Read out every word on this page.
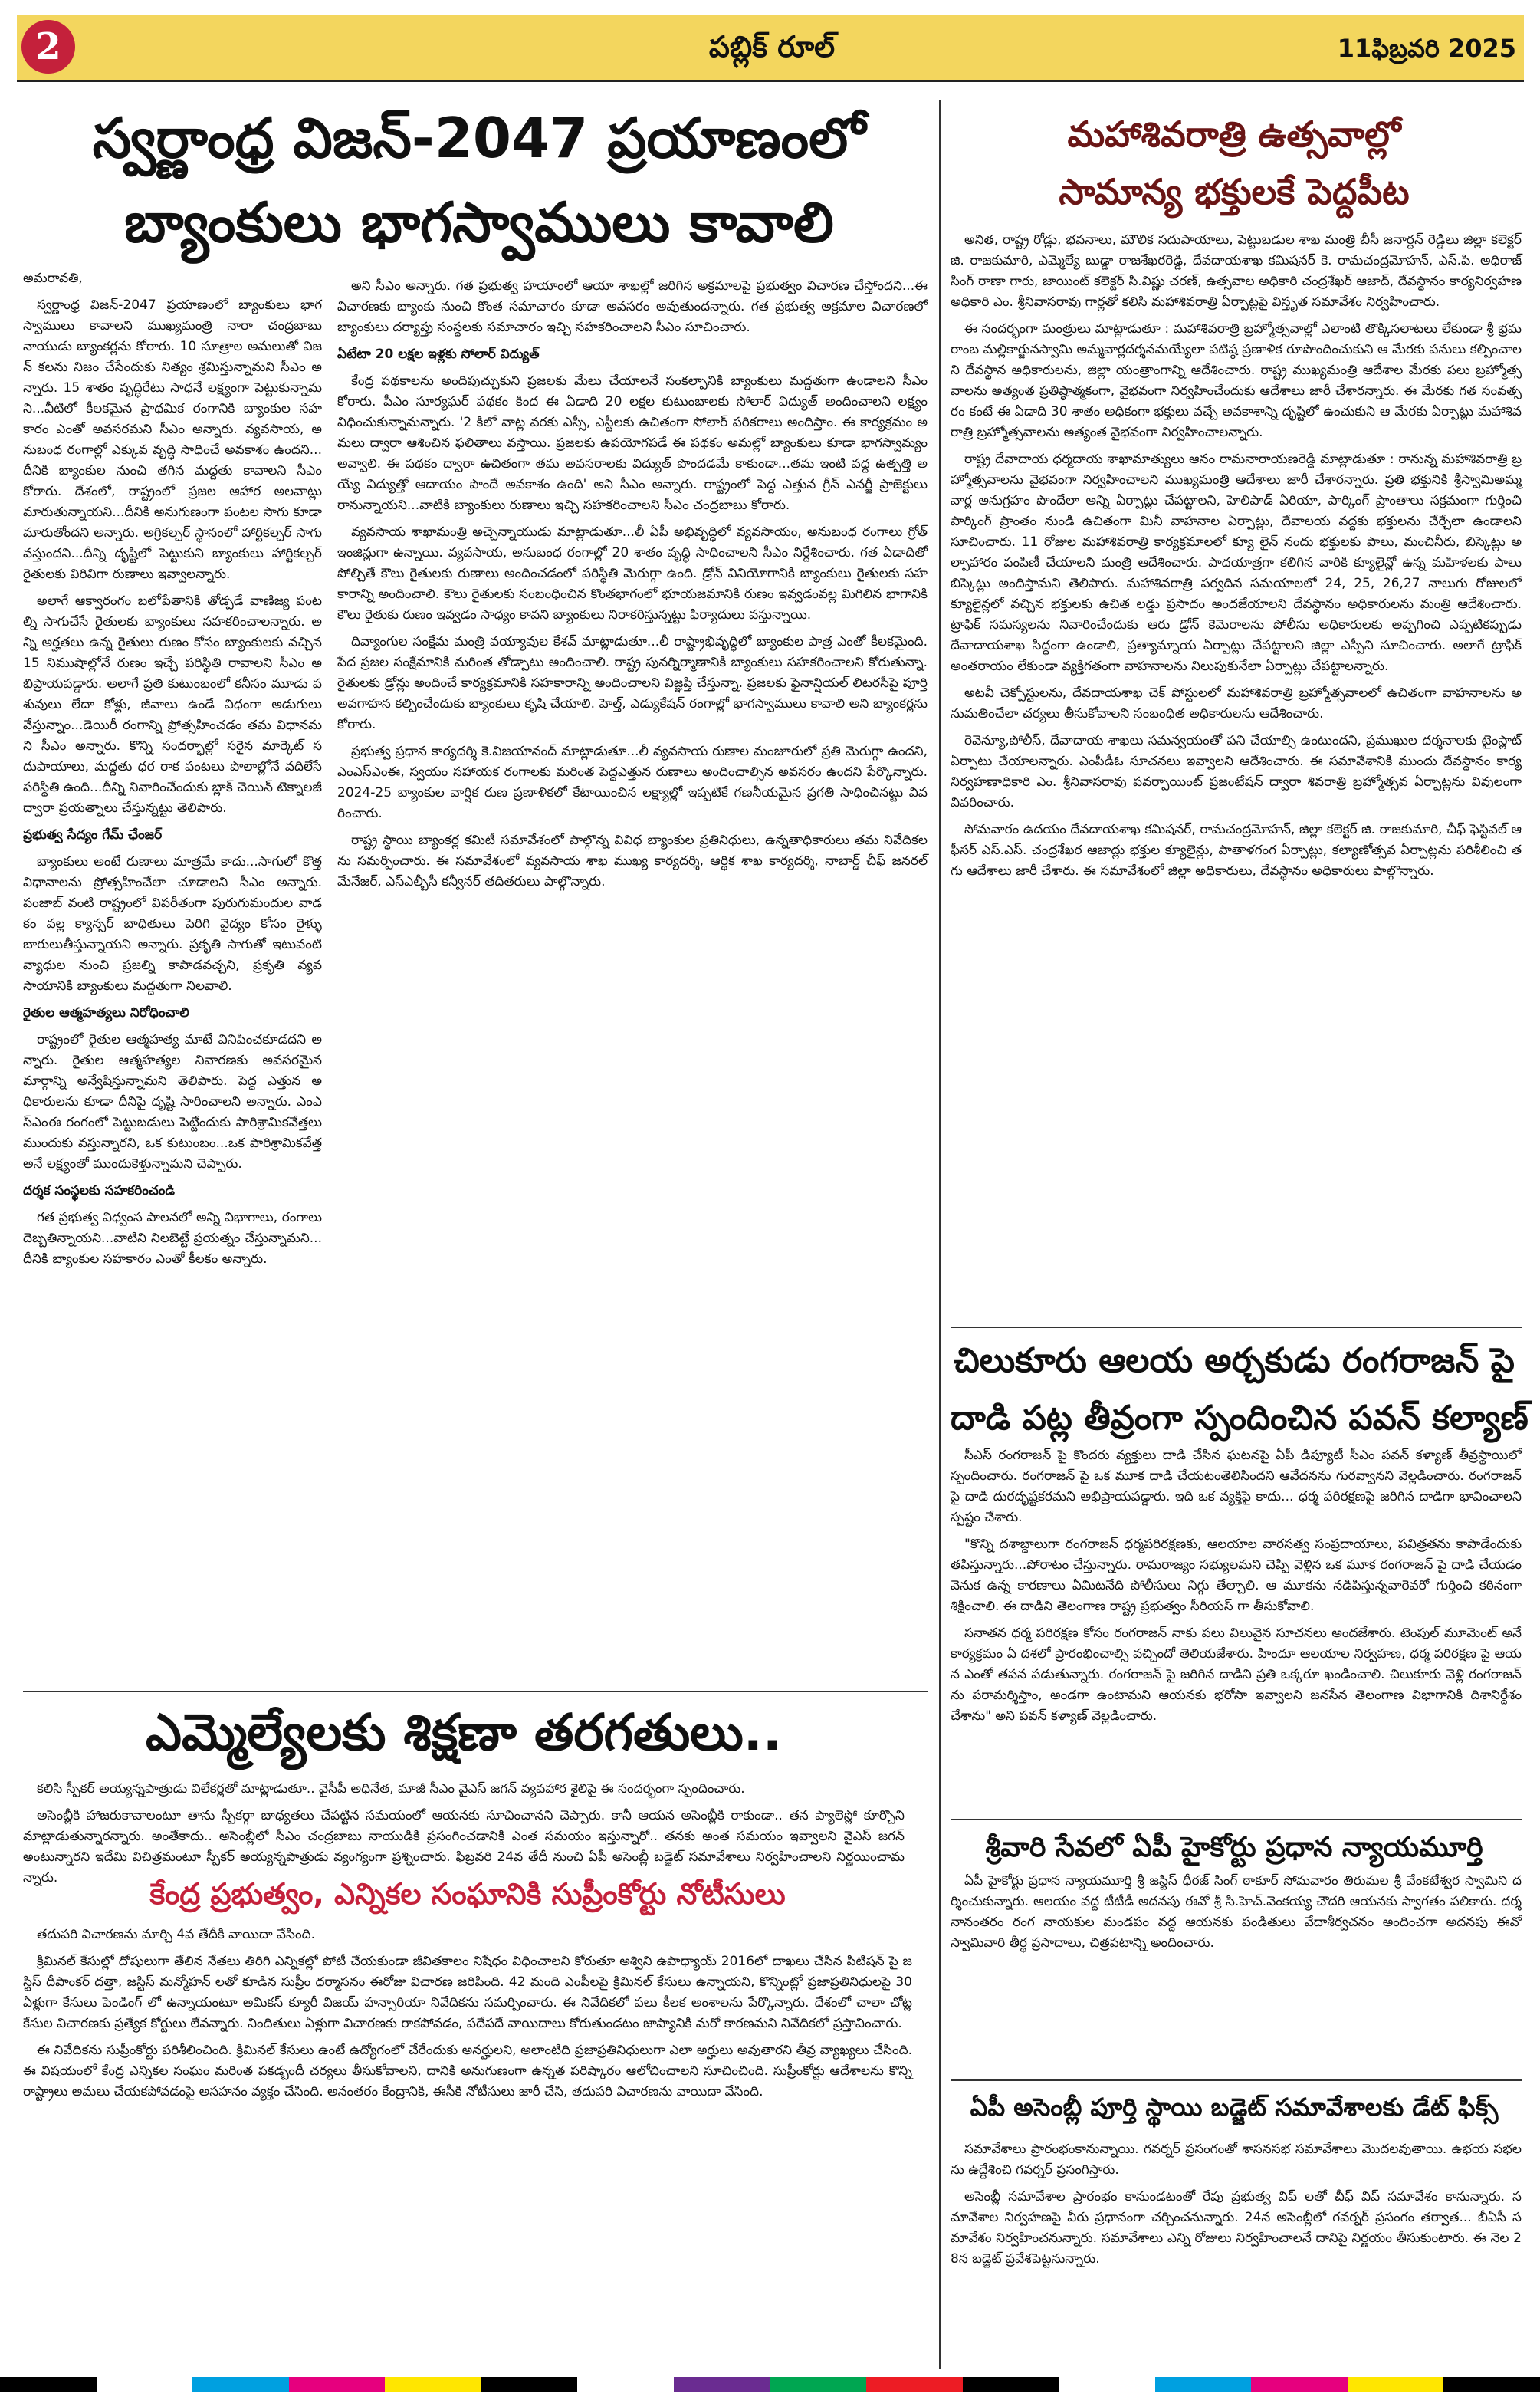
2	పబ్లిక్ రూల్	11ఫిబ్రవరి 2025
స్వర్ణాంధ్ర విజన్-2047 ప్రయాణంలో
బ్యాంకులు భాగస్వాములు కావాలి

అమరావతి,

స్వర్ణాంధ్ర విజన్-2047 ప్రయాణంలో బ్యాంకులు భాగస్వాములు కావాలని ముఖ్యమంత్రి నారా చంద్రబాబు నాయుడు బ్యాంకర్లను కోరారు. 10 సూత్రాల అమలుతో విజన్ కలను నిజం చేసేందుకు నిత్యం శ్రమిస్తున్నామని సీఎం అన్నారు. 15 శాతం వృద్ధిరేటు సాధనే లక్ష్యంగా పెట్టుకున్నామని...వీటిలో కీలకమైన ప్రాథమిక రంగానికి బ్యాంకుల సహకారం ఎంతో అవసరమని సీఎం అన్నారు. వ్యవసాయ, అనుబంధ రంగాల్లో ఎక్కువ వృద్ధి సాధించే అవకాశం ఉందని...దీనికి బ్యాంకుల నుంచి తగిన మద్దతు కావాలని సీఎం కోరారు. దేశంలో, రాష్ట్రంలో ప్రజల ఆహార అలవాట్లు మారుతున్నాయని...దీనికి అనుగుణంగా పంటల సాగు కూడా మారుతోందని అన్నారు. అగ్రికల్చర్ స్థానంలో హార్టికల్చర్ సాగు వస్తుందని...దీన్ని దృష్టిలో పెట్టుకుని బ్యాంకులు హార్టికల్చర్ రైతులకు విరివిగా రుణాలు ఇవ్వాలన్నారు.

అలాగే ఆక్వారంగం బలోపేతానికి తోడ్పడే వాణిజ్య పంటల్ని సాగుచేసే రైతులకు బ్యాంకులు సహకరించాలన్నారు. అన్ని అర్హతలు ఉన్న రైతులు రుణం కోసం బ్యాంకులకు వచ్చిన 15 నిముషాల్లోనే రుణం ఇచ్చే పరిస్థితి రావాలని సీఎం అభిప్రాయపడ్డారు. అలాగే ప్రతి కుటుంబంలో కనీసం మూడు పశువులు లేదా కోళ్లు, జీవాలు ఉండే విధంగా అడుగులు వేస్తున్నాం...డెయిరీ రంగాన్ని ప్రోత్సహించడం తమ విధానమని సీఎం అన్నారు. కొన్ని సందర్భాల్లో సరైన మార్కెట్ సదుపాయాలు, మద్దతు ధర రాక పంటలు పొలాల్లోనే వదిలేసే పరిస్థితి ఉంది...దీన్ని నివారించేందుకు బ్లాక్ చెయిన్ టెక్నాలజీ ద్వారా ప్రయత్నాలు చేస్తున్నట్టు తెలిపారు.

ప్రభుత్వ సేద్యం గేమ్ ఛేంజర్

బ్యాంకులు అంటే రుణాలు మాత్రమే కాదు...సాగులో కొత్త విధానాలను ప్రోత్సహించేలా చూడాలని సీఎం అన్నారు. పంజాబ్ వంటి రాష్ట్రంలో విపరీతంగా పురుగుమందుల వాడకం వల్ల క్యాన్సర్ బాధితులు పెరిగి వైద్యం కోసం రైళ్ళు బారులుతీస్తున్నాయని అన్నారు. ప్రకృతి సాగుతో ఇటువంటి వ్యాధుల నుంచి ప్రజల్ని కాపాడవచ్చని, ప్రకృతి వ్యవసాయానికి బ్యాంకులు మద్దతుగా నిలవాలి.

రైతుల ఆత్మహత్యలు నిరోధించాలి

రాష్ట్రంలో రైతుల ఆత్మహత్య మాటే వినిపించకూడదని అన్నారు. రైతుల ఆత్మహత్యల నివారణకు అవసరమైన మార్గాన్ని అన్వేషిస్తున్నామని తెలిపారు. పెద్ద ఎత్తున అధికారులను కూడా దీనిపై దృష్టి సారించాలని అన్నారు. ఎంఎస్ఎంఈ రంగంలో పెట్టుబడులు పెట్టేందుకు పారిశ్రామికవేత్తలు ముందుకు వస్తున్నారని, ఒక కుటుంబం...ఒక పారిశ్రామికవేత్త అనే లక్ష్యంతో ముందుకెళ్తున్నామని చెప్పారు.

దర్శక సంస్థలకు సహకరించండి

గత ప్రభుత్వ విధ్వంస పాలనలో అన్ని విభాగాలు, రంగాలు దెబ్బతిన్నాయని...వాటిని నిలబెట్టే ప్రయత్నం చేస్తున్నామని...దీనికి బ్యాంకుల సహకారం ఎంతో కీలకం అన్నారు.

అని సీఎం అన్నారు. గత ప్రభుత్వ హయాంలో ఆయా శాఖల్లో జరిగిన అక్రమాలపై ప్రభుత్వం విచారణ చేస్తోందని...ఈ విచారణకు బ్యాంకు నుంచి కొంత సమాచారం కూడా అవసరం అవుతుందన్నారు. గత ప్రభుత్వ అక్రమాల విచారణలో బ్యాంకులు దర్యాప్తు సంస్థలకు సమాచారం ఇచ్చి సహకరించాలని సీఎం సూచించారు.

ఏటేటా 20 లక్షల ఇళ్లకు సోలార్ విద్యుత్

కేంద్ర పథకాలను అందిపుచ్చుకుని ప్రజలకు మేలు చేయాలనే సంకల్పానికి బ్యాంకులు మద్దతుగా ఉండాలని సీఎం కోరారు. పీఎం సూర్యఘర్ పథకం కింద ఈ ఏడాది 20 లక్షల కుటుంబాలకు సోలార్ విద్యుత్ అందించాలని లక్ష్యం విధించుకున్నామన్నారు. '2 కిలో వాట్ల వరకు ఎస్సీ, ఎస్టీలకు ఉచితంగా సోలార్ పరికరాలు అందిస్తాం. ఈ కార్యక్రమం అమలు ద్వారా ఆశించిన ఫలితాలు వస్తాయి. ప్రజలకు ఉపయోగపడే ఈ పథకం అమల్లో బ్యాంకులు కూడా భాగస్వామ్యం అవ్వాలి. ఈ పథకం ద్వారా ఉచితంగా తమ అవసరాలకు విద్యుత్ పొందడమే కాకుండా...తమ ఇంటి వద్ద ఉత్పత్తి అయ్యే విద్యుత్తో ఆదాయం పొందే అవకాశం ఉంది' అని సీఎం అన్నారు. రాష్ట్రంలో పెద్ద ఎత్తున గ్రీన్ ఎనర్జీ ప్రాజెక్టులు రానున్నాయని...వాటికి బ్యాంకులు రుణాలు ఇచ్చి సహకరించాలని సీఎం చంద్రబాబు కోరారు.

వ్యవసాయ శాఖామంత్రి అచ్చెన్నాయుడు మాట్లాడుతూ...లీ ఏపీ అభివృద్ధిలో వ్యవసాయం, అనుబంధ రంగాలు గ్రోత్ ఇంజిన్లుగా ఉన్నాయి. వ్యవసాయ, అనుబంధ రంగాల్లో 20 శాతం వృద్ధి సాధించాలని సీఎం నిర్దేశించారు. గత ఏడాదితో పోల్చితే కౌలు రైతులకు రుణాలు అందించడంలో పరిస్థితి మెరుగ్గా ఉంది. డ్రోన్ వినియోగానికి బ్యాంకులు రైతులకు సహకారాన్ని అందించాలి. కౌలు రైతులకు సంబంధించిన కొంతభాగంలో భూయజమానికి రుణం ఇవ్వడంవల్ల మిగిలిన భాగానికి కౌలు రైతుకు రుణం ఇవ్వడం సాధ్యం కావని బ్యాంకులు నిరాకరిస్తున్నట్టు ఫిర్యాదులు వస్తున్నాయి.

దివ్యాంగుల సంక్షేమ మంత్రి వయ్యావుల కేశవ్ మాట్లాడుతూ...లీ రాష్ట్రాభివృద్ధిలో బ్యాంకుల పాత్ర ఎంతో కీలకమైంది. పేద ప్రజల సంక్షేమానికి మరింత తోడ్పాటు అందించాలి. రాష్ట్ర పునర్నిర్మాణానికి బ్యాంకులు సహకరించాలని కోరుతున్నా. రైతులకు డ్రోన్లు అందించే కార్యక్రమానికి సహకారాన్ని అందించాలని విజ్ఞప్తి చేస్తున్నా. ప్రజలకు ఫైనాన్షియల్ లిటరసీపై పూర్తి అవగాహన కల్పించేందుకు బ్యాంకులు కృషి చేయాలి. హెల్త్, ఎడ్యుకేషన్ రంగాల్లో భాగస్వాములు కావాలి అని బ్యాంకర్లను కోరారు.

ప్రభుత్వ ప్రధాన కార్యదర్శి కె.విజయానంద్ మాట్లాడుతూ...లీ వ్యవసాయ రుణాల మంజూరులో ప్రతి మెరుగ్గా ఉందని, ఎంఎస్ఎంఈ, స్వయం సహాయక రంగాలకు మరింత పెద్దఎత్తున రుణాలు అందించాల్సిన అవసరం ఉందని పేర్కొన్నారు. 2024-25 బ్యాంకుల వార్షిక రుణ ప్రణాళికలో కేటాయించిన లక్ష్యాల్లో ఇప్పటికే గణనీయమైన ప్రగతి సాధించినట్టు వివరించారు.

రాష్ట్ర స్థాయి బ్యాంకర్ల కమిటీ సమావేశంలో పాల్గొన్న వివిధ బ్యాంకుల ప్రతినిధులు, ఉన్నతాధికారులు తమ నివేదికలను సమర్పించారు. ఈ సమావేశంలో వ్యవసాయ శాఖ ముఖ్య కార్యదర్శి, ఆర్థిక శాఖ కార్యదర్శి, నాబార్డ్ చీఫ్ జనరల్ మేనేజర్, ఎస్ఎల్బీసీ కన్వీనర్ తదితరులు పాల్గొన్నారు.

మహాశివరాత్రి ఉత్సవాల్లో
సామాన్య భక్తులకే పెద్దపీట

అనిత, రాష్ట్ర రోడ్లు, భవనాలు, మౌలిక సదుపాయాలు, పెట్టుబడుల శాఖ మంత్రి బీసీ జనార్దన్ రెడ్డిలు జిల్లా కలెక్టర్ జి. రాజకుమారి, ఎమ్మెల్యే బుడ్డా రాజశేఖరరెడ్డి, దేవదాయశాఖ కమిషనర్ కె. రామచంద్రమోహన్, ఎస్.పి. అధిరాజ్ సింగ్ రాణా గారు, జాయింట్ కలెక్టర్ సి.విష్ణు చరణ్, ఉత్సవాల అధికారి చంద్రశేఖర్ ఆజాద్, దేవస్థానం కార్యనిర్వహణ అధికారి ఎం. శ్రీనివాసరావు గార్లతో కలిసి మహాశివరాత్రి ఏర్పాట్లపై విస్తృత సమావేశం నిర్వహించారు.

ఈ సందర్భంగా మంత్రులు మాట్లాడుతూ : మహాశివరాత్రి బ్రహ్మోత్సవాల్లో ఎలాంటి తొక్కిసలాటలు లేకుండా శ్రీ భ్రమరాంబ మల్లికార్జునస్వామి అమ్మవార్లదర్శనమయ్యేలా పటిష్ఠ ప్రణాళిక రూపొందించుకుని ఆ మేరకు పనులు కల్పించాలని దేవస్థాన అధికారులను, జిల్లా యంత్రాంగాన్ని ఆదేశించారు. రాష్ట్ర ముఖ్యమంత్రి ఆదేశాల మేరకు పలు బ్రహ్మోత్సవాలను అత్యంత ప్రతిష్ఠాత్మకంగా, వైభవంగా నిర్వహించేందుకు ఆదేశాలు జారీ చేశారన్నారు. ఈ మేరకు గత సంవత్సరం కంటే ఈ ఏడాది 30 శాతం అధికంగా భక్తులు వచ్చే అవకాశాన్ని దృష్టిలో ఉంచుకుని ఆ మేరకు ఏర్పాట్లు మహాశివరాత్రి బ్రహ్మోత్సవాలను అత్యంత వైభవంగా నిర్వహించాలన్నారు.

రాష్ట్ర దేవాదాయ ధర్మదాయ శాఖామాత్యులు ఆనం రామనారాయణరెడ్డి మాట్లాడుతూ : రానున్న మహాశివరాత్రి బ్రహ్మోత్సవాలను వైభవంగా నిర్వహించాలని ముఖ్యమంత్రి ఆదేశాలు జారీ చేశారన్నారు. ప్రతి భక్తునికి శ్రీస్వామిఅమ్మవార్ల అనుగ్రహం పొందేలా అన్ని ఏర్పాట్లు చేపట్టాలని, హెలిపాడ్ ఏరియా, పార్కింగ్ ప్రాంతాలు సక్రమంగా గుర్తించి పార్కింగ్ ప్రాంతం నుండి ఉచితంగా మినీ వాహనాల ఏర్పాట్లు, దేవాలయ వద్దకు భక్తులను చేర్చేలా ఉండాలని సూచించారు. 11 రోజుల మహాశివరాత్రి కార్యక్రమాలలో క్యూ లైన్ నందు భక్తులకు పాలు, మంచినీరు, బిస్కెట్లు అల్పాహారం పంపిణీ చేయాలని మంత్రి ఆదేశించారు. పాదయాత్రగా కలిగిన వారికి క్యూలైన్లో ఉన్న మహిళలకు పాలు బిస్కెట్లు అందిస్తామని తెలిపారు. మహాశివరాత్రి పర్వదిన సమయాలలో 24, 25, 26,27 నాలుగు రోజులలో క్యూలైన్లలో వచ్చిన భక్తులకు ఉచిత లడ్డు ప్రసాదం అందజేయాలని దేవస్థానం అధికారులను మంత్రి ఆదేశించారు. ట్రాఫిక్ సమస్యలను నివారించేందుకు ఆరు డ్రోన్ కెమెరాలను పోలీసు అధికారులకు అప్పగించి ఎప్పటికప్పుడు దేవాదాయశాఖ సిద్ధంగా ఉండాలి, ప్రత్యామ్నాయ ఏర్పాట్లు చేపట్టాలని జిల్లా ఎస్పీని సూచించారు. అలాగే ట్రాఫిక్ అంతరాయం లేకుండా వ్యక్తిగతంగా వాహనాలను నిలుపుకునేలా ఏర్పాట్లు చేపట్టాలన్నారు.

అటవీ చెక్పోస్టులను, దేవదాయశాఖ చెక్ పోస్టులలో మహాశివరాత్రి బ్రహ్మోత్సవాలలో ఉచితంగా వాహనాలను అనుమతించేలా చర్యలు తీసుకోవాలని సంబంధిత అధికారులను ఆదేశించారు.

రెవెన్యూ,పోలీస్, దేవాదాయ శాఖలు సమన్వయంతో పని చేయాల్సి ఉంటుందని, ప్రముఖుల దర్శనాలకు టైంస్లాట్ ఏర్పాటు చేయాలన్నారు. ఎంపీడీఓ సూచనలు ఇవ్వాలని ఆదేశించారు. ఈ సమావేశానికి ముందు దేవస్థానం కార్యనిర్వహణాధికారి ఎం. శ్రీనివాసరావు పవర్పాయింట్ ప్రజంటేషన్ ద్వారా శివరాత్రి బ్రహ్మోత్సవ ఏర్పాట్లను వివులంగా వివరించారు.

సోమవారం ఉదయం దేవదాయశాఖ కమిషనర్, రామచంద్రమోహన్, జిల్లా కలెక్టర్ జి. రాజకుమారి, చీఫ్ ఫెస్టివల్ ఆఫీసర్ ఎస్.ఎస్. చంద్రశేఖర ఆజాద్లు భక్తుల క్యూలైన్లు, పాతాళగంగ ఏర్పాట్లు, కల్యాణోత్సవ ఏర్పాట్లను పరిశీలించి తగు ఆదేశాలు జారీ చేశారు. ఈ సమావేశంలో జిల్లా అధికారులు, దేవస్థానం అధికారులు పాల్గొన్నారు.

చిలుకూరు ఆలయ అర్చకుడు రంగరాజన్ పై
దాడి పట్ల తీవ్రంగా స్పందించిన పవన్ కల్యాణ్

సీఎస్ రంగరాజన్ పై కొందరు వ్యక్తులు దాడి చేసిన ఘటనపై ఏపీ డిప్యూటీ సీఎం పవన్ కళ్యాణ్ తీవ్రస్థాయిలో స్పందించారు. రంగరాజన్ పై ఒక మూక దాడి చేయటంతెలిసిందని ఆవేదనను గురవ్వానని వెల్లడించారు. రంగరాజన్ పై దాడి దురదృష్టకరమని అభిప్రాయపడ్డారు. ఇది ఒక వ్యక్తిపై కాదు... ధర్మ పరిరక్షణపై జరిగిన దాడిగా భావించాలని స్పష్టం చేశారు.

"కొన్ని దశాబ్దాలుగా రంగరాజన్ ధర్మపరిరక్షణకు, ఆలయాల వారసత్వ సంప్రదాయాలు, పవిత్రతను కాపాడేందుకు తపిస్తున్నారు...పోరాటం చేస్తున్నారు. రామరాజ్యం సభ్యులమని చెప్పి వెళ్లిన ఒక మూక రంగరాజన్ పై దాడి చేయడం వెనుక ఉన్న కారణాలు ఏమిటనేది పోలీసులు నిగ్గు తేల్చాలి. ఆ మూకను నడిపిస్తున్నవారెవరో గుర్తించి కఠినంగా శిక్షించాలి. ఈ దాడిని తెలంగాణ రాష్ట్ర ప్రభుత్వం సీరియస్ గా తీసుకోవాలి.

సనాతన ధర్మ పరిరక్షణ కోసం రంగరాజన్ నాకు పలు విలువైన సూచనలు అందజేశారు. టెంపుల్ మూమెంట్ అనే కార్యక్రమం ఏ దశలో ప్రారంభించాల్సి వచ్చిందో తెలియజేశారు. హిందూ ఆలయాల నిర్వహణ, ధర్మ పరిరక్షణ పై ఆయన ఎంతో తపన పడుతున్నారు. రంగరాజన్ పై జరిగిన దాడిని ప్రతి ఒక్కరూ ఖండించాలి. చిలుకూరు వెళ్లి రంగరాజన్ ను పరామర్శిస్తాం, అండగా ఉంటామని ఆయనకు భరోసా ఇవ్వాలని జనసేన తెలంగాణ విభాగానికి దిశానిర్దేశం చేశాను" అని పవన్ కళ్యాణ్ వెల్లడించారు.

శ్రీవారి సేవలో ఏపీ హైకోర్టు ప్రధాన న్యాయమూర్తి

ఏపీ హైకోర్టు ప్రధాన న్యాయమూర్తి శ్రీ జస్టిస్ ధీరజ్ సింగ్ ఠాకూర్ సోమవారం తిరుమల శ్రీ వేంకటేశ్వర స్వామిని దర్శించుకున్నారు. ఆలయం వద్ద టీటీడీ అదనపు ఈవో శ్రీ సి.హెచ్.వెంకయ్య చౌదరి ఆయనకు స్వాగతం పలికారు. దర్శనానంతరం రంగ నాయకుల మండపం వద్ద ఆయనకు పండితులు వేదాశీర్వచనం అందించగా అదనపు ఈవో స్వామివారి తీర్థ ప్రసాదాలు, చిత్రపటాన్ని అందించారు.

ఏపీ అసెంబ్లీ పూర్తి స్థాయి బడ్జెట్ సమావేశాలకు డేట్ ఫిక్స్

సమావేశాలు ప్రారంభంకానున్నాయి. గవర్నర్ ప్రసంగంతో శాసనసభ సమావేశాలు మొదలవుతాయి. ఉభయ సభలను ఉద్దేశించి గవర్నర్ ప్రసంగిస్తారు.

అసెంబ్లీ సమావేశాల ప్రారంభం కానుండటంతో రేపు ప్రభుత్వ విప్ లతో చీఫ్ విప్ సమావేశం కానున్నారు. సమావేశాల నిర్వహణపై వీరు ప్రధానంగా చర్చించనున్నారు. 24న అసెంబ్లీలో గవర్నర్ ప్రసంగం తర్వాత... బీఏసీ సమావేశం నిర్వహించనున్నారు. సమావేశాలు ఎన్ని రోజులు నిర్వహించాలనే దానిపై నిర్ణయం తీసుకుంటారు. ఈ నెల 28న బడ్జెట్ ప్రవేశపెట్టనున్నారు.

ఎమ్మెల్యేలకు శిక్షణా తరగతులు..

కలిసి స్పీకర్ అయ్యన్నపాత్రుడు విలేకర్లతో మాట్లాడుతూ.. వైసీపీ అధినేత, మాజీ సీఎం వైఎస్ జగన్ వ్యవహార శైలిపై ఈ సందర్భంగా స్పందించారు.

అసెంబ్లీకి హాజరుకావాలంటూ తాను స్పీకర్గా బాధ్యతలు చేపట్టిన సమయంలో ఆయనకు సూచించానని చెప్పారు. కానీ ఆయన అసెంబ్లీకి రాకుండా.. తన ప్యాలెస్లో కూర్చొని మాట్లాడుతున్నారన్నారు. అంతేకాదు.. అసెంబ్లీలో సీఎం చంద్రబాబు నాయుడికి ప్రసంగించడానికి ఎంత సమయం ఇస్తున్నారో.. తనకు అంత సమయం ఇవ్వాలని వైఎస్ జగన్ అంటున్నారని ఇదేమి విచిత్రమంటూ స్పీకర్ అయ్యన్నపాత్రుడు వ్యంగ్యంగా ప్రశ్నించారు. ఫిబ్రవరి 24వ తేదీ నుంచి ఏపీ అసెంబ్లీ బడ్జెట్ సమావేశాలు నిర్వహించాలని నిర్ణయించామన్నారు.	కేంద్ర ప్రభుత్వం, ఎన్నికల సంఘానికి సుప్రీంకోర్టు నోటీసులు

తదుపరి విచారణను మార్చి 4వ తేదీకి వాయిదా వేసింది.

క్రిమినల్ కేసుల్లో దోషులుగా తేలిన నేతలు తిరిగి ఎన్నికల్లో పోటీ చేయకుండా జీవితకాలం నిషేధం విధించాలని కోరుతూ అశ్విని ఉపాధ్యాయ్ 2016లో దాఖలు చేసిన పిటిషన్ పై జస్టిస్ దీపాంకర్ దత్తా, జస్టిస్ మన్మోహన్ లతో కూడిన సుప్రీం ధర్మాసనం ఈరోజు విచారణ జరిపింది. 42 మంది ఎంపీలపై క్రిమినల్ కేసులు ఉన్నాయని, కొన్నింట్లో ప్రజాప్రతినిధులపై 30 ఏళ్లుగా కేసులు పెండింగ్ లో ఉన్నాయంటూ అమికస్ క్యూరీ విజయ్ హన్సారియా నివేదికను సమర్పించారు. ఈ నివేదికలో పలు కీలక అంశాలను పేర్కొన్నారు. దేశంలో చాలా చోట్ల కేసుల విచారణకు ప్రత్యేక కోర్టులు లేవన్నారు. నిందితులు ఏళ్లుగా విచారణకు రాకపోవడం, పదేపదే వాయిదాలు కోరుతుండటం జాప్యానికి మరో కారణమని నివేదికలో ప్రస్తావించారు.

ఈ నివేదికను సుప్రీంకోర్టు పరిశీలించింది. క్రిమినల్ కేసులు ఉంటే ఉద్యోగంలో చేరేందుకు అనర్హులని, అలాంటిది ప్రజాప్రతినిధులుగా ఎలా అర్హులు అవుతారని తీవ్ర వ్యాఖ్యలు చేసింది. ఈ విషయంలో కేంద్ర ఎన్నికల సంఘం మరింత పకడ్బందీ చర్యలు తీసుకోవాలని, దానికి అనుగుణంగా ఉన్నత పరిష్కారం ఆలోచించాలని సూచించింది. సుప్రీంకోర్టు ఆదేశాలను కొన్ని రాష్ట్రాలు అమలు చేయకపోవడంపై అసహనం వ్యక్తం చేసింది. అనంతరం కేంద్రానికి, ఈసీకి నోటీసులు జారీ చేసి, తదుపరి విచారణను వాయిదా వేసింది.
